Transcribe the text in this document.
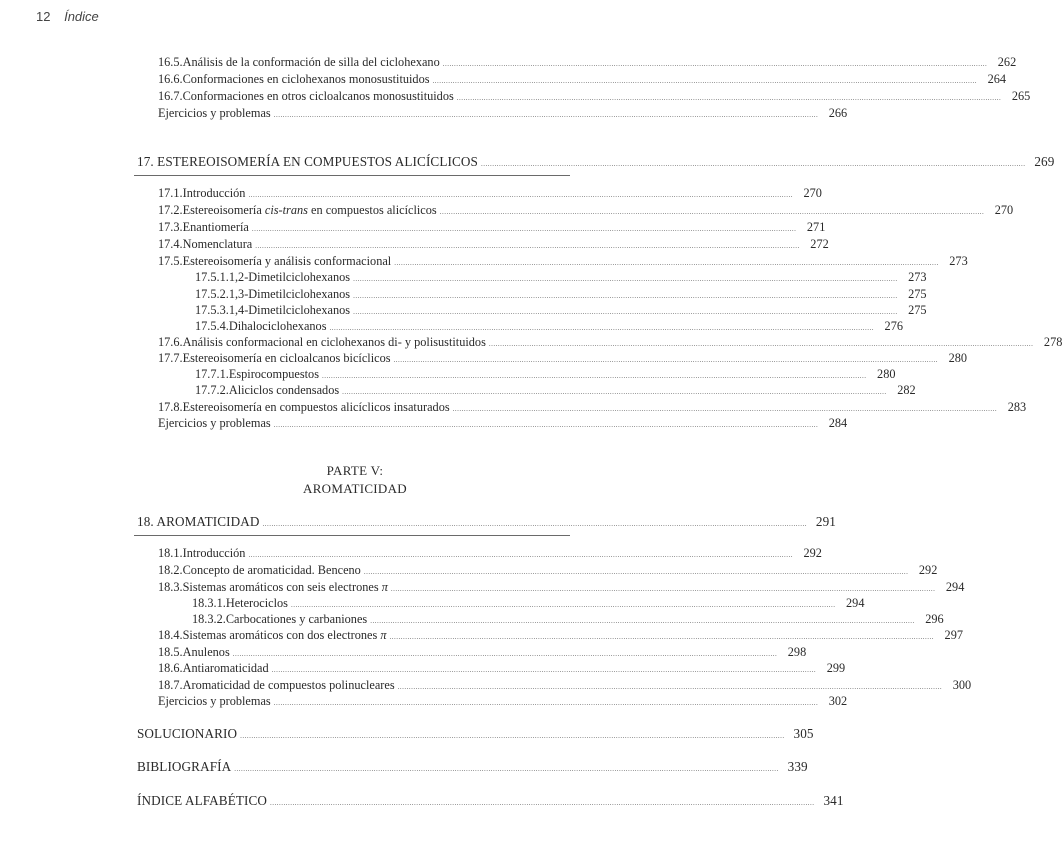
12 Índice
16.5. Análisis de la conformación de silla del ciclohexano .....	262
16.6. Conformaciones en ciclohexanos monosustituidos .....	264
16.7. Conformaciones en otros cicloalcanos monosustituidos .....	265
Ejercicios y problemas .....	266
17. ESTEREOISOMERÍA EN COMPUESTOS ALICÍCLICOS .....	269
17.1. Introducción .....	270
17.2. Estereoisomería cis-trans en compuestos alicíclicos .....	270
17.3. Enantiomería .....	271
17.4. Nomenclatura .....	272
17.5. Estereoisomería y análisis conformacional .....	273
17.5.1. 1,2-Dimetilciclohexanos .....	273
17.5.2. 1,3-Dimetilciclohexanos .....	275
17.5.3. 1,4-Dimetilciclohexanos .....	275
17.5.4. Dihalociclohexanos .....	276
17.6. Análisis conformacional en ciclohexanos di- y polisustituidos .....	278
17.7. Estereoisomería en cicloalcanos bicíclicos .....	280
17.7.1. Espirocompuestos .....	280
17.7.2. Aliciclos condensados .....	282
17.8. Estereoisomería en compuestos alicíclicos insaturados .....	283
Ejercicios y problemas .....	284
PARTE V:
AROMATICIDAD
18. AROMATICIDAD .....	291
18.1. Introducción .....	292
18.2. Concepto de aromaticidad. Benceno .....	292
18.3. Sistemas aromáticos con seis electrones π .....	294
18.3.1. Heterociclos .....	294
18.3.2. Carbocationes y carbaniones .....	296
18.4. Sistemas aromáticos con dos electrones π .....	297
18.5. Anulenos .....	298
18.6. Antiaromaticidad .....	299
18.7. Aromaticidad de compuestos polinucleares .....	300
Ejercicios y problemas .....	302
SOLUCIONARIO .....	305
BIBLIOGRAFÍA .....	339
ÍNDICE ALFABÉTICO .....	341
